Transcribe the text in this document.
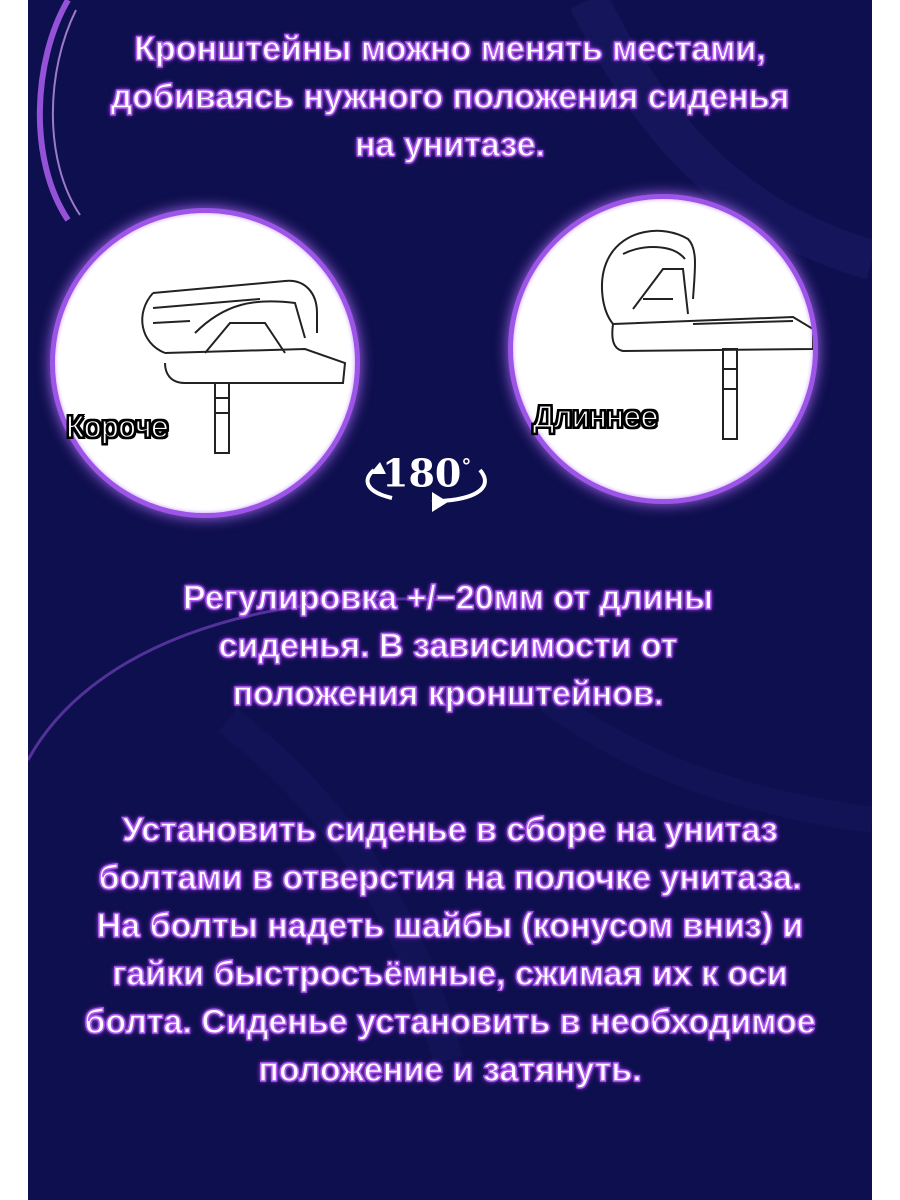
Кронштейны можно менять местами,
добиваясь нужного положения сиденья
на унитазе.

Короче	Длиннее
180°

Регулировка +/−20мм от длины
сиденья. В зависимости от
положения кронштейнов.

Установить сиденье в сборе на унитаз
болтами в отверстия на полочке унитаза.
На болты надеть шайбы (конусом вниз) и
гайки быстросъёмные, сжимая их к оси
болта. Сиденье установить в необходимое
положение и затянуть.
